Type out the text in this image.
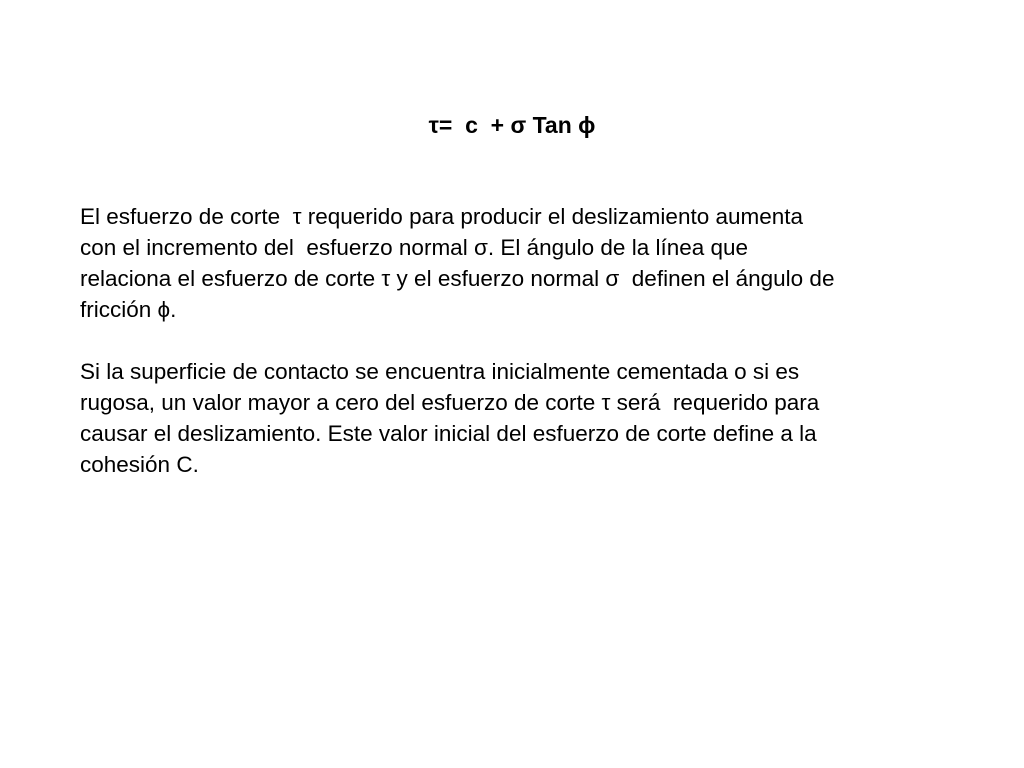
τ=  c  + σ Tan ϕ
El esfuerzo de corte  τ requerido para producir el deslizamiento aumenta
con el incremento del  esfuerzo normal σ. El ángulo de la línea que
relaciona el esfuerzo de corte τ y el esfuerzo normal σ  definen el ángulo de
fricción ϕ.
Si la superficie de contacto se encuentra inicialmente cementada o si es
rugosa, un valor mayor a cero del esfuerzo de corte τ será  requerido para
causar el deslizamiento. Este valor inicial del esfuerzo de corte define a la
cohesión C.
